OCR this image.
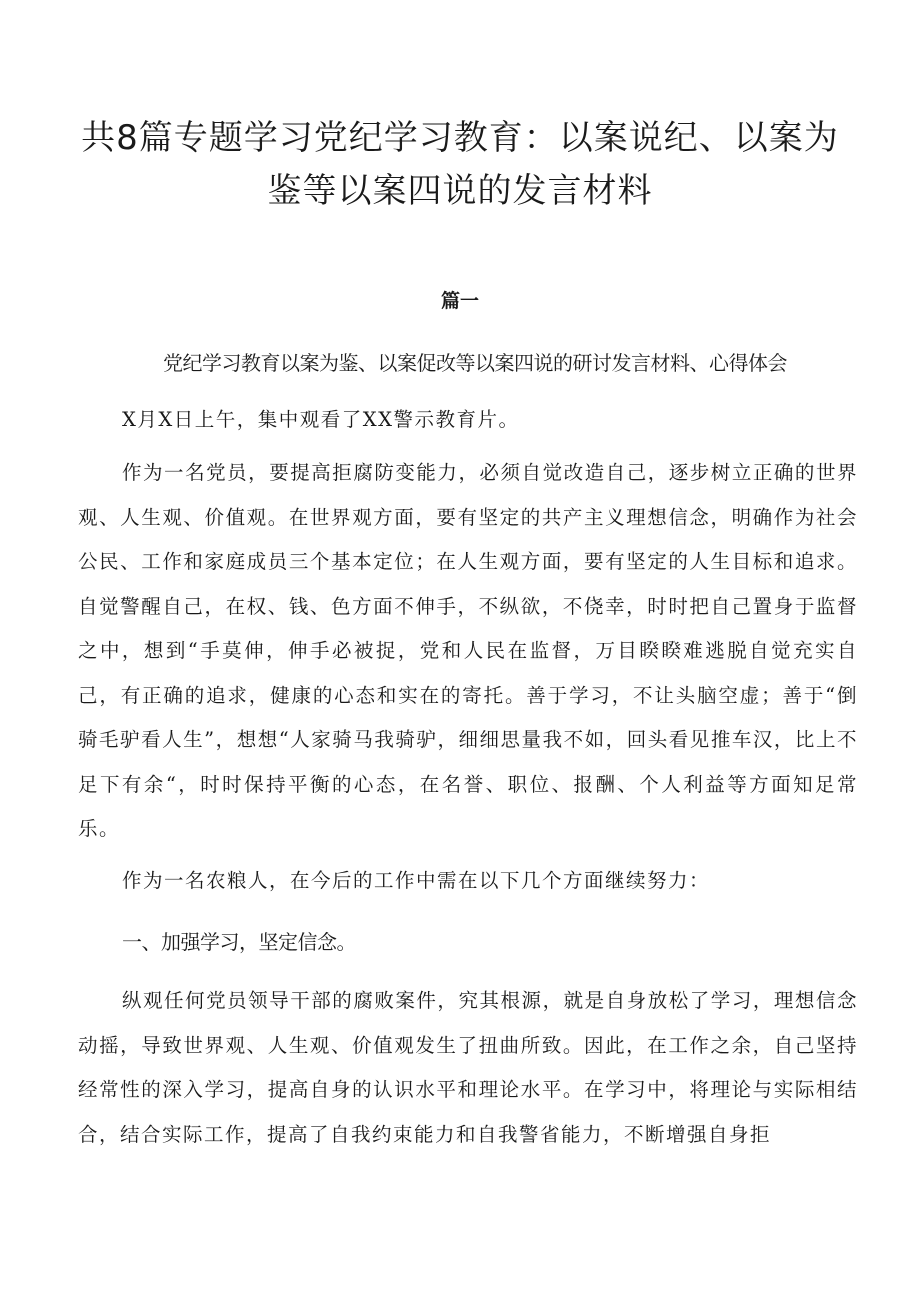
共8篇专题学习党纪学习教育：以案说纪、以案为
鉴等以案四说的发言材料
篇一
党纪学习教育以案为鉴、以案促改等以案四说的研讨发言材料、心得体会

X月X日上午，集中观看了XX警示教育片。

作为一名党员，要提高拒腐防变能力，必须自觉改造自己，逐步树立正确的世界观、人生观、价值观。在世界观方面，要有坚定的共产主义理想信念，明确作为社会公民、工作和家庭成员三个基本定位；在人生观方面，要有坚定的人生目标和追求。自觉警醒自己，在权、钱、色方面不伸手，不纵欲，不侥幸，时时把自己置身于监督之中，想到“手莫伸，伸手必被捉，党和人民在监督，万目睽睽难逃脱自觉充实自己，有正确的追求，健康的心态和实在的寄托。善于学习，不让头脑空虚；善于“倒骑毛驴看人生”，想想“人家骑马我骑驴，细细思量我不如，回头看见推车汉，比上不足下有余“，时时保持平衡的心态，在名誉、职位、报酬、个人利益等方面知足常乐。

作为一名农粮人，在今后的工作中需在以下几个方面继续努力：

一、加强学习，坚定信念。

纵观任何党员领导干部的腐败案件，究其根源，就是自身放松了学习，理想信念动摇，导致世界观、人生观、价值观发生了扭曲所致。因此，在工作之余，自己坚持经常性的深入学习，提高自身的认识水平和理论水平。在学习中，将理论与实际相结合，结合实际工作，提高了自我约束能力和自我警省能力，不断增强自身拒
